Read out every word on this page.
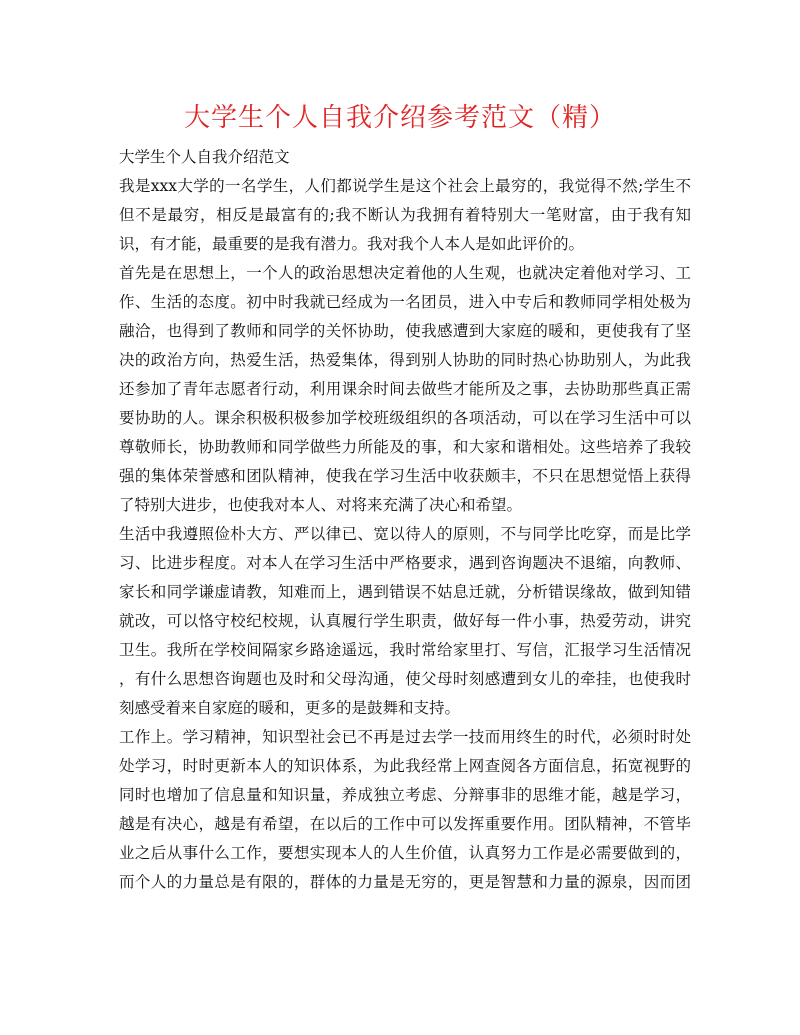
大学生个人自我介绍参考范文（精）
大学生个人自我介绍范文
我是xxx大学的一名学生，人们都说学生是这个社会上最穷的，我觉得不然;学生不
但不是最穷，相反是最富有的;我不断认为我拥有着特别大一笔财富，由于我有知
识，有才能，最重要的是我有潜力。我对我个人本人是如此评价的。
首先是在思想上，一个人的政治思想决定着他的人生观，也就决定着他对学习、工
作、生活的态度。初中时我就已经成为一名团员，进入中专后和教师同学相处极为
融洽，也得到了教师和同学的关怀协助，使我感遭到大家庭的暖和，更使我有了坚
决的政治方向，热爱生活，热爱集体，得到别人协助的同时热心协助别人，为此我
还参加了青年志愿者行动，利用课余时间去做些才能所及之事，去协助那些真正需
要协助的人。课余积极积极参加学校班级组织的各项活动，可以在学习生活中可以
尊敬师长，协助教师和同学做些力所能及的事，和大家和谐相处。这些培养了我较
强的集体荣誉感和团队精神，使我在学习生活中收获颇丰，不只在思想觉悟上获得
了特别大进步，也使我对本人、对将来充满了决心和希望。
生活中我遵照俭朴大方、严以律已、宽以待人的原则，不与同学比吃穿，而是比学
习、比进步程度。对本人在学习生活中严格要求，遇到咨询题决不退缩，向教师、
家长和同学谦虚请教，知难而上，遇到错误不姑息迁就，分析错误缘故，做到知错
就改，可以恪守校纪校规，认真履行学生职责，做好每一件小事，热爱劳动，讲究
卫生。我所在学校间隔家乡路途遥远，我时常给家里打、写信，汇报学习生活情况
，有什么思想咨询题也及时和父母沟通，使父母时刻感遭到女儿的牵挂，也使我时
刻感受着来自家庭的暖和，更多的是鼓舞和支持。
工作上。学习精神，知识型社会已不再是过去学一技而用终生的时代，必须时时处
处学习，时时更新本人的知识体系，为此我经常上网查阅各方面信息，拓宽视野的
同时也增加了信息量和知识量，养成独立考虑、分辩事非的思维才能，越是学习，
越是有决心，越是有希望，在以后的工作中可以发挥重要作用。团队精神，不管毕
业之后从事什么工作，要想实现本人的人生价值，认真努力工作是必需要做到的，
而个人的力量总是有限的，群体的力量是无穷的，更是智慧和力量的源泉，因而团
